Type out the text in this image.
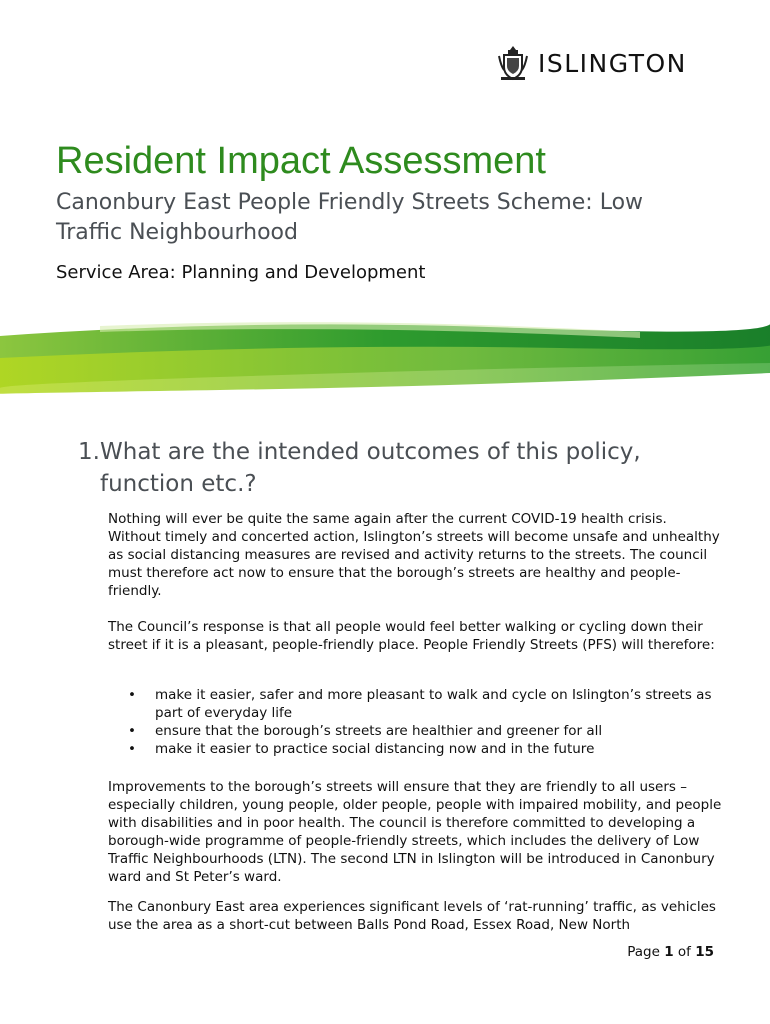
ISLINGTON
Resident Impact Assessment
Canonbury East People Friendly Streets Scheme: Low Traffic Neighbourhood
Service Area: Planning and Development
1. What are the intended outcomes of this policy, function etc.?

Nothing will ever be quite the same again after the current COVID-19 health crisis. Without timely and concerted action, Islington’s streets will become unsafe and unhealthy as social distancing measures are revised and activity returns to the streets. The council must therefore act now to ensure that the borough’s streets are healthy and people-friendly.

The Council’s response is that all people would feel better walking or cycling down their street if it is a pleasant, people-friendly place. People Friendly Streets (PFS) will therefore:

• make it easier, safer and more pleasant to walk and cycle on Islington’s streets as part of everyday life
• ensure that the borough’s streets are healthier and greener for all
• make it easier to practice social distancing now and in the future

Improvements to the borough’s streets will ensure that they are friendly to all users – especially children, young people, older people, people with impaired mobility, and people with disabilities and in poor health. The council is therefore committed to developing a borough-wide programme of people-friendly streets, which includes the delivery of Low Traffic Neighbourhoods (LTN). The second LTN in Islington will be introduced in Canonbury ward and St Peter’s ward.

The Canonbury East area experiences significant levels of ‘rat-running’ traffic, as vehicles use the area as a short-cut between Balls Pond Road, Essex Road, New North

Page 1 of 15
